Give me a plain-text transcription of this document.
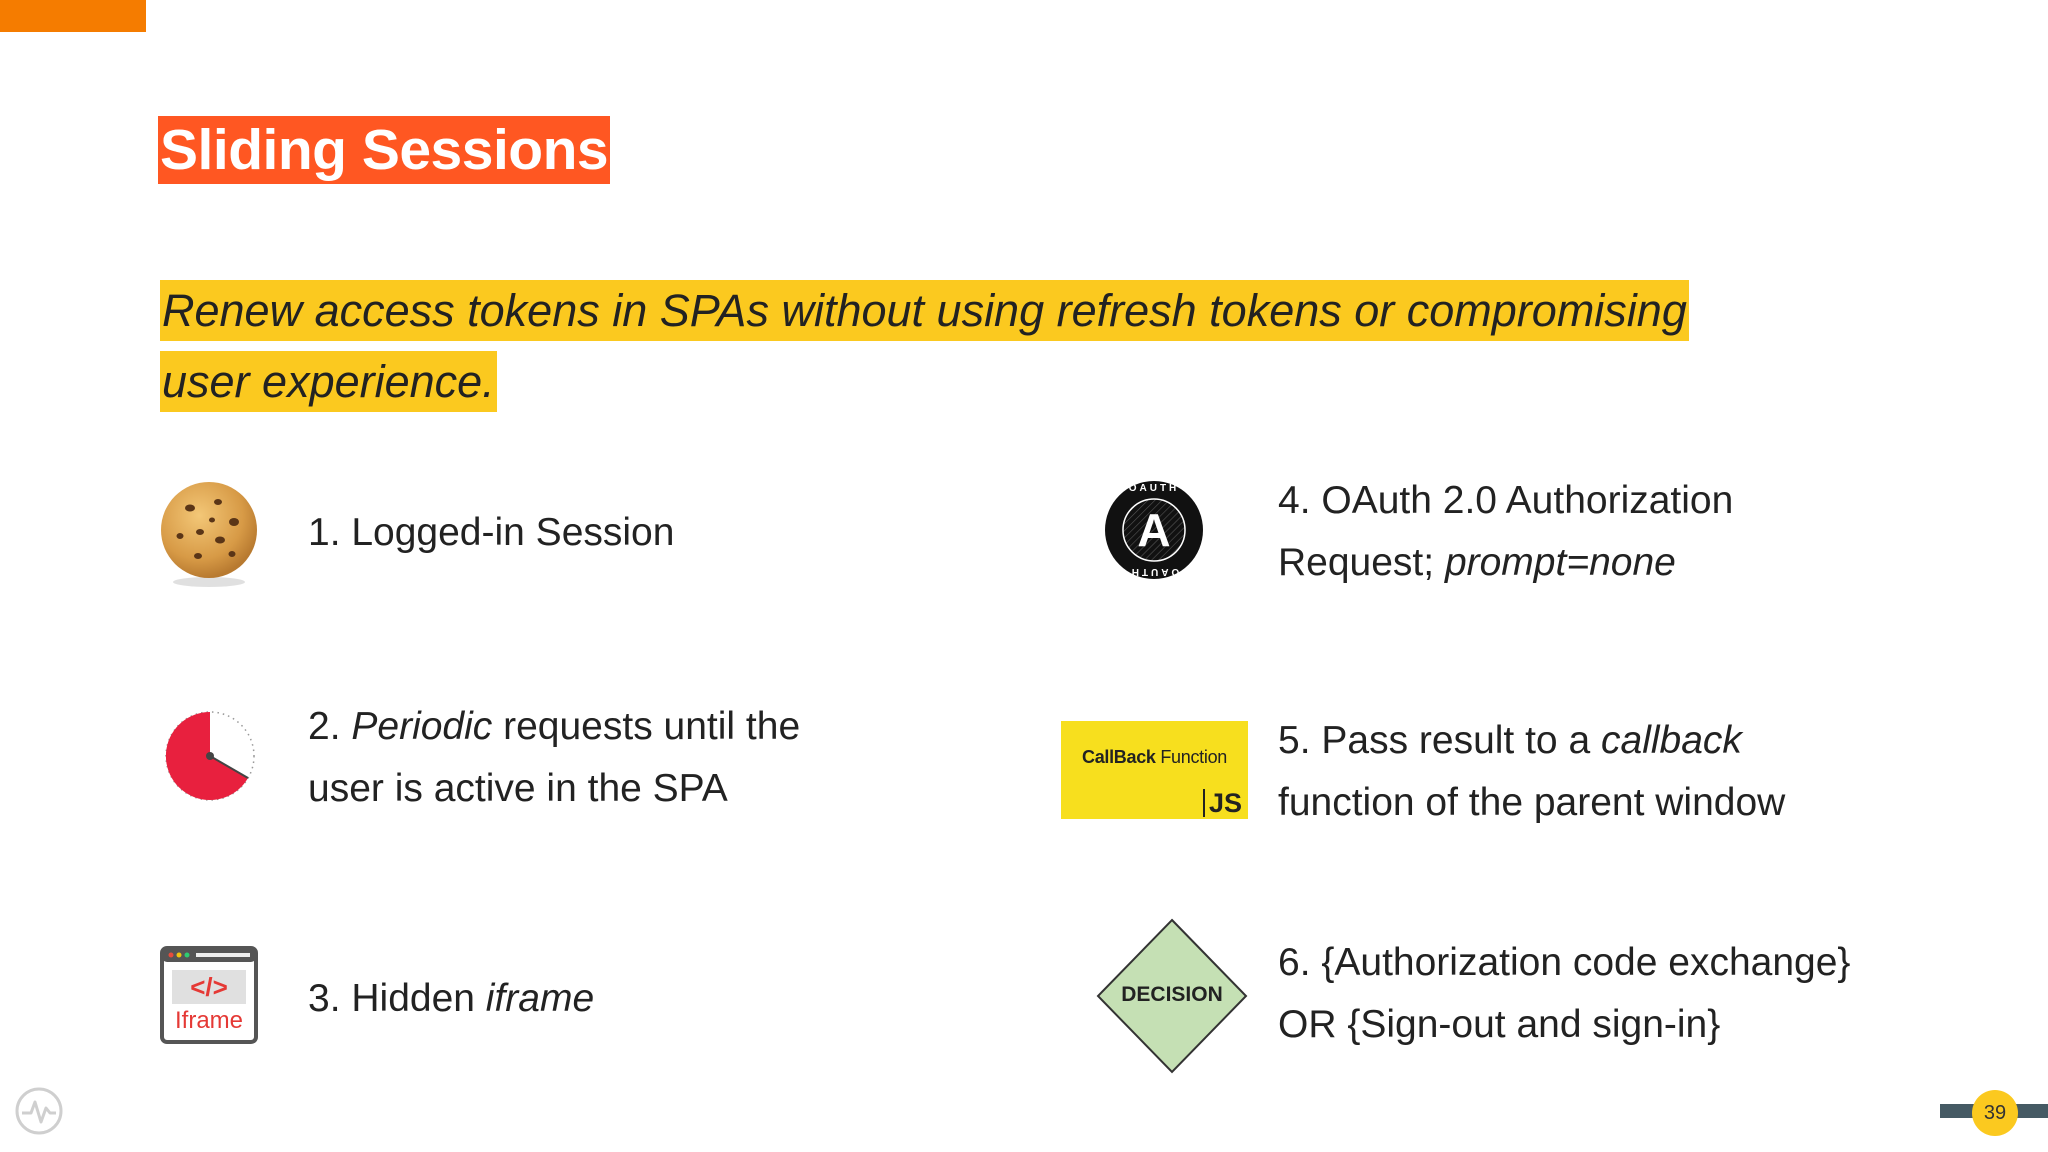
Sliding Sessions
Renew access tokens in SPAs without using refresh tokens or compromising user experience.
1. Logged-in Session
2. Periodic requests until the
user is active in the SPA
</>
Iframe
3. Hidden iframe
OAUTH
OAUTH
A
4. OAuth 2.0 Authorization
Request; prompt=none
CallBack Function
JS
5. Pass result to a callback
function of the parent window
DECISION
6. {Authorization code exchange}
OR {Sign-out and sign-in}
39
